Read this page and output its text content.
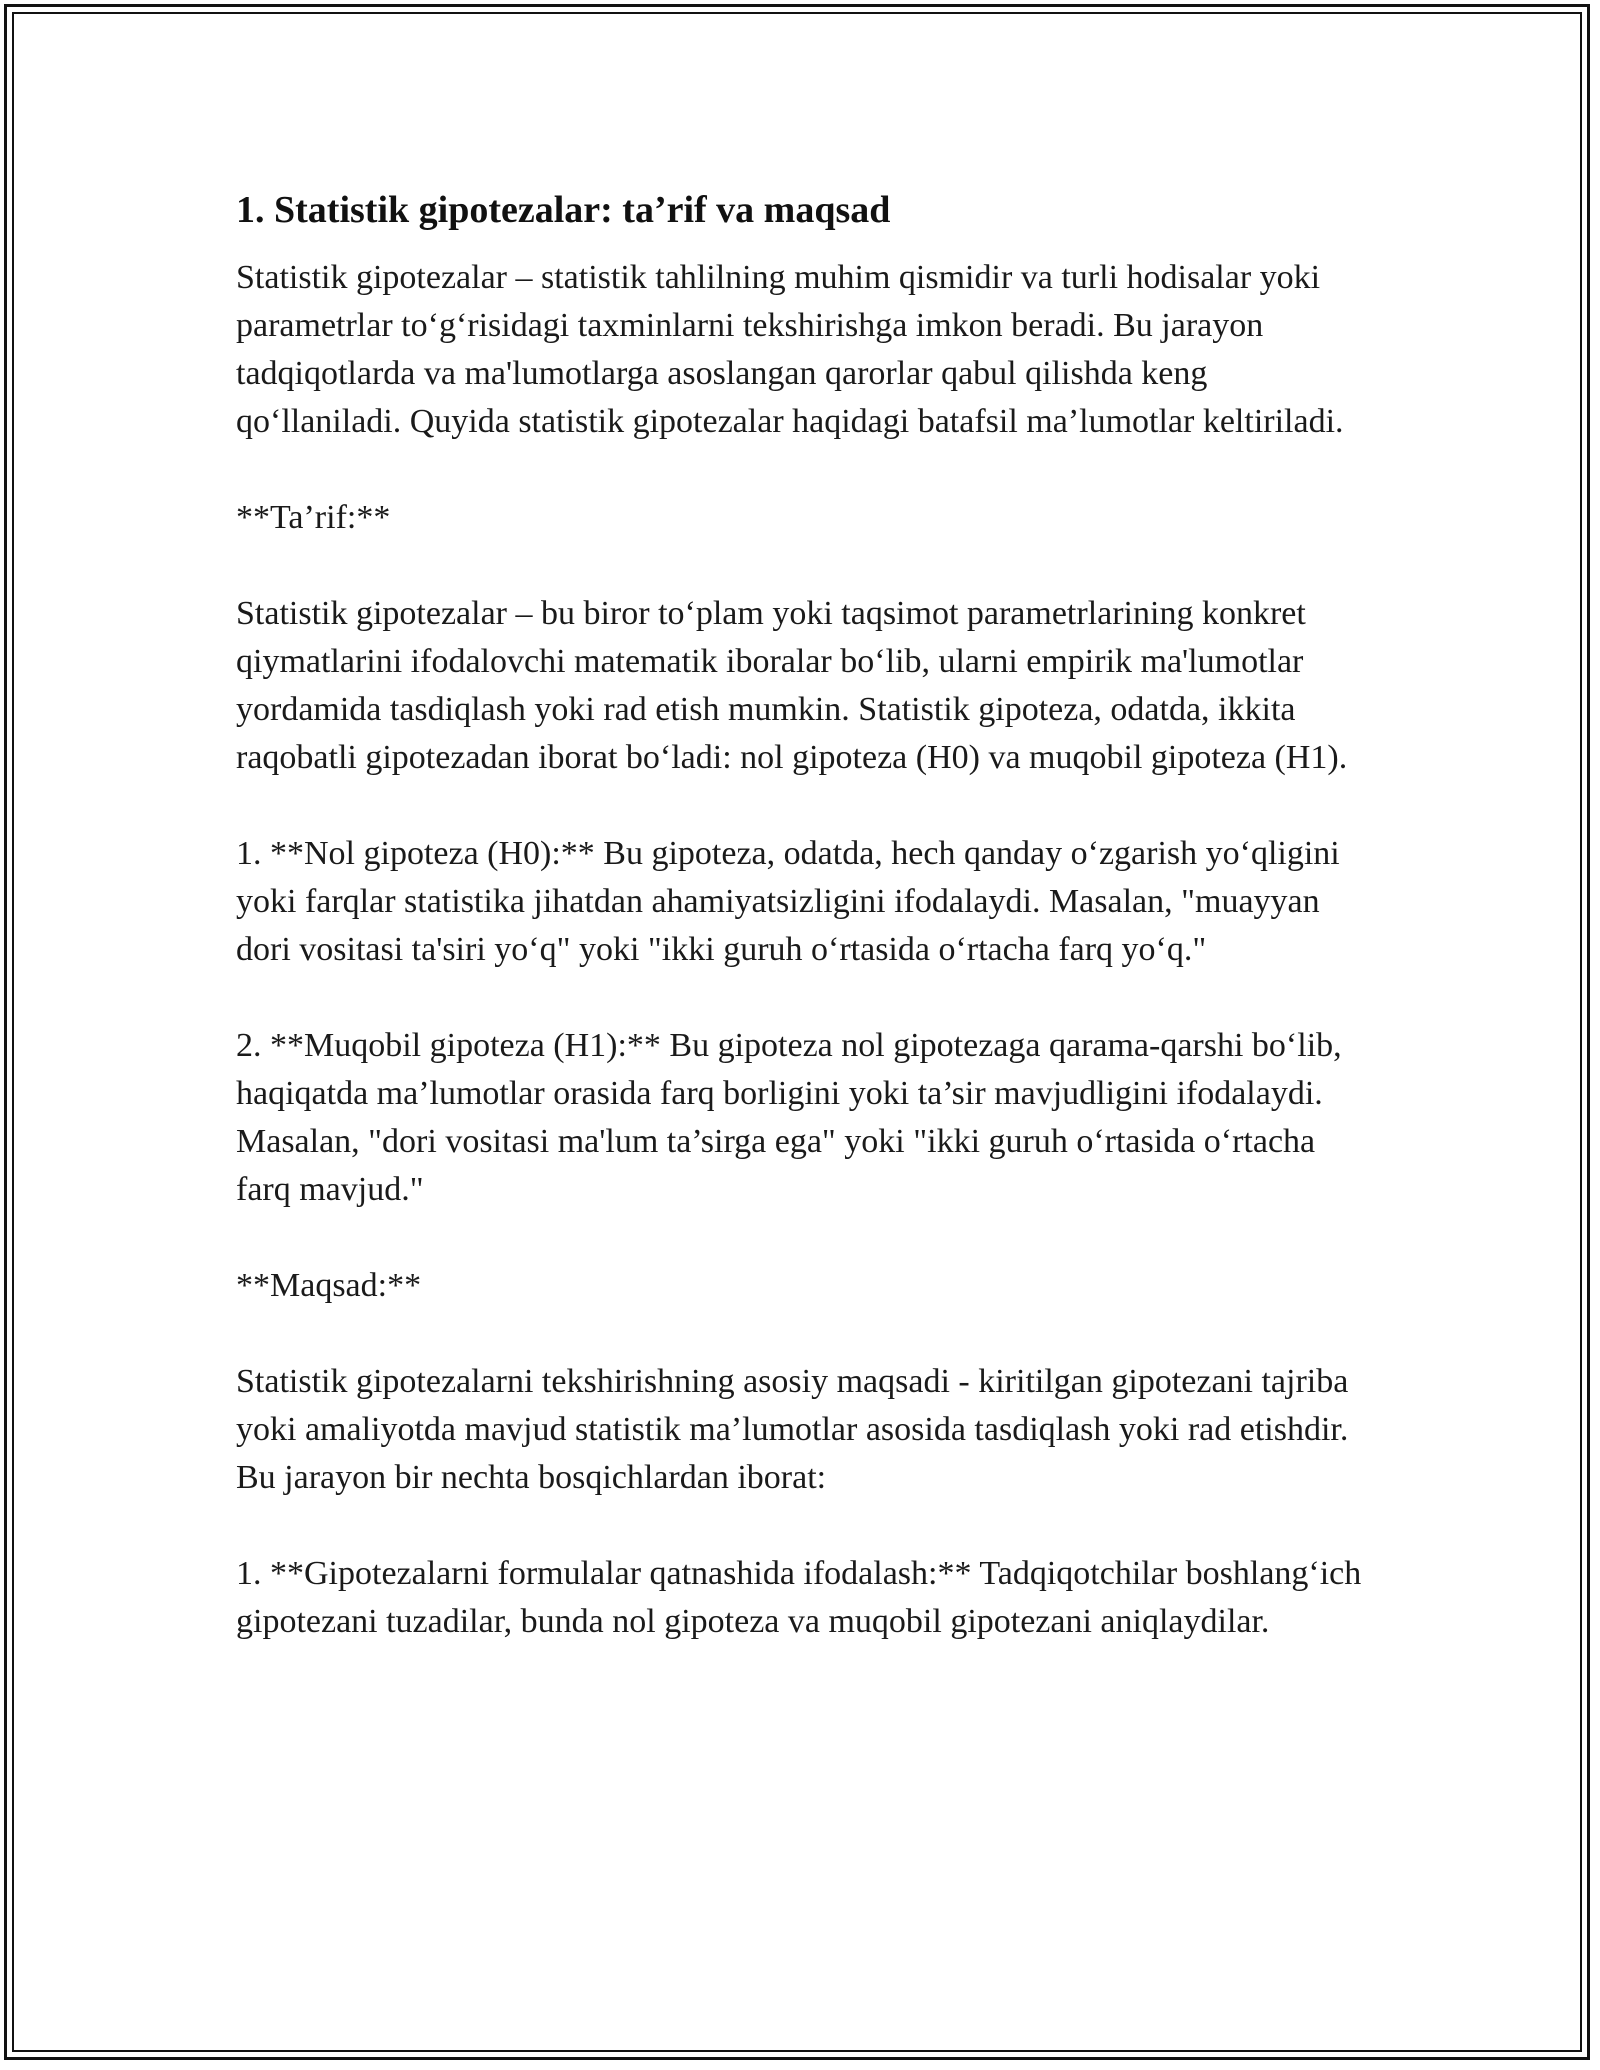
1. Statistik gipotezalar: ta’rif va maqsad

Statistik gipotezalar – statistik tahlilning muhim qismidir va turli hodisalar yoki parametrlar to‘g‘risidagi taxminlarni tekshirishga imkon beradi. Bu jarayon tadqiqotlarda va ma'lumotlarga asoslangan qarorlar qabul qilishda keng qo‘llaniladi. Quyida statistik gipotezalar haqidagi batafsil ma’lumotlar keltiriladi.

**Ta’rif:**

Statistik gipotezalar – bu biror to‘plam yoki taqsimot parametrlarining konkret qiymatlarini ifodalovchi matematik iboralar bo‘lib, ularni empirik ma'lumotlar yordamida tasdiqlash yoki rad etish mumkin. Statistik gipoteza, odatda, ikkita raqobatli gipotezadan iborat bo‘ladi: nol gipoteza (H0) va muqobil gipoteza (H1).

1. **Nol gipoteza (H0):** Bu gipoteza, odatda, hech qanday o‘zgarish yo‘qligini yoki farqlar statistika jihatdan ahamiyatsizligini ifodalaydi. Masalan, "muayyan dori vositasi ta'siri yo‘q" yoki "ikki guruh o‘rtasida o‘rtacha farq yo‘q."

2. **Muqobil gipoteza (H1):** Bu gipoteza nol gipotezaga qarama-qarshi bo‘lib, haqiqatda ma’lumotlar orasida farq borligini yoki ta’sir mavjudligini ifodalaydi. Masalan, "dori vositasi ma'lum ta’sirga ega" yoki "ikki guruh o‘rtasida o‘rtacha farq mavjud."

**Maqsad:**

Statistik gipotezalarni tekshirishning asosiy maqsadi - kiritilgan gipotezani tajriba yoki amaliyotda mavjud statistik ma’lumotlar asosida tasdiqlash yoki rad etishdir. Bu jarayon bir nechta bosqichlardan iborat:

1. **Gipotezalarni formulalar qatnashida ifodalash:** Tadqiqotchilar boshlang‘ich gipotezani tuzadilar, bunda nol gipoteza va muqobil gipotezani aniqlaydilar.
